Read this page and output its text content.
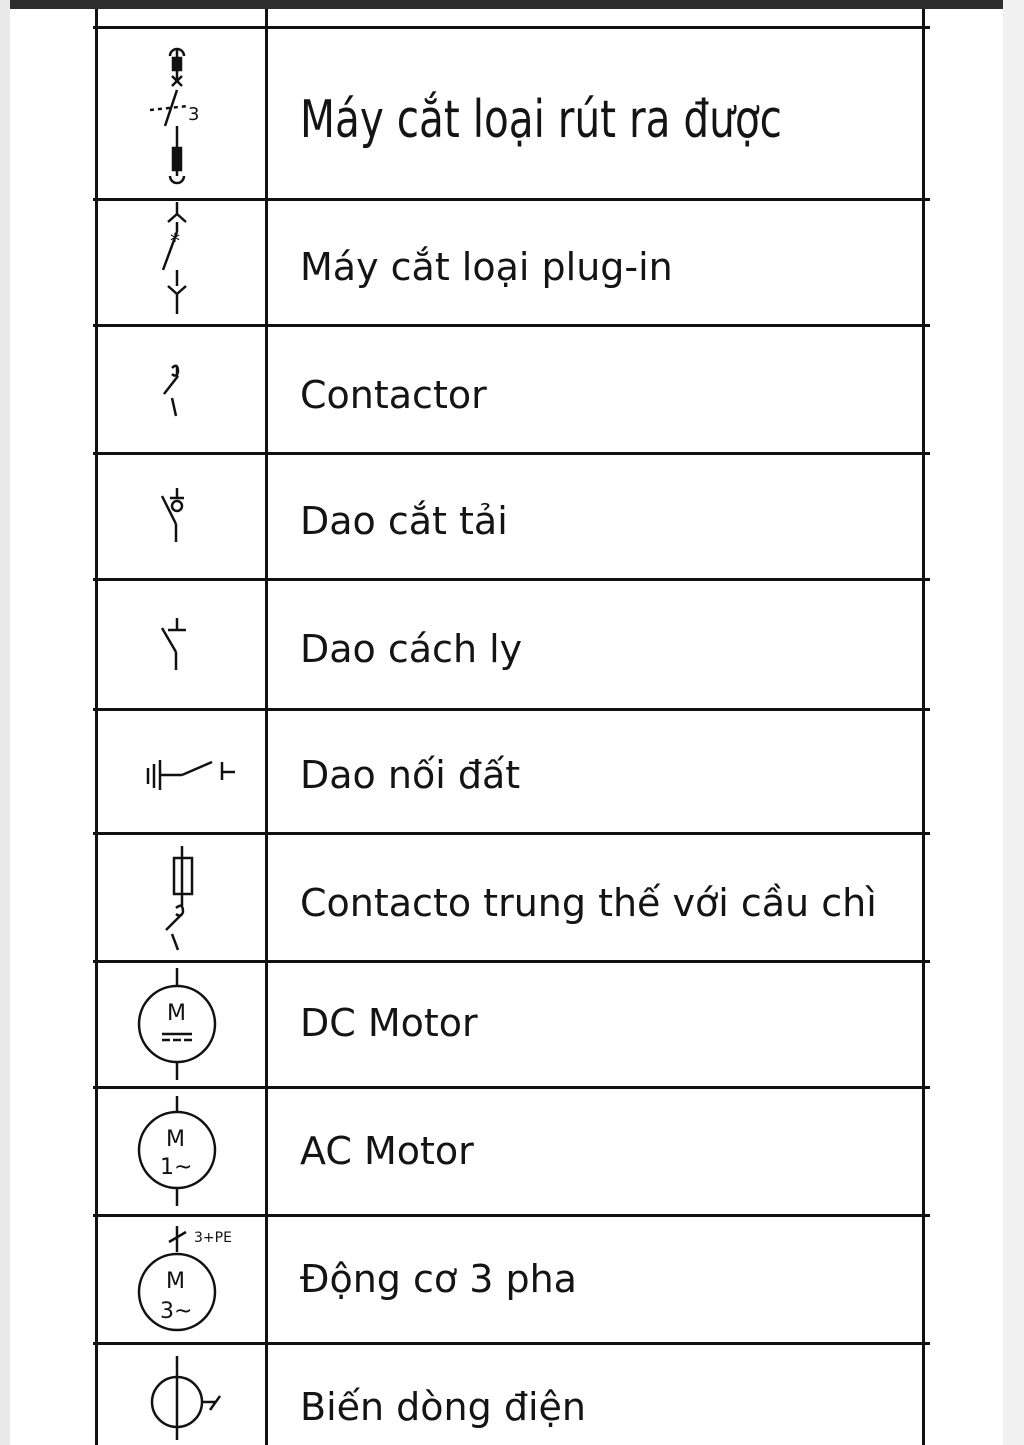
3 Máy cắt loại rút ra được
*
Máy cắt loại plug-in
Contactor
Dao cắt tải
Dao cách ly
Dao nối đất
Contacto trung thế với cầu chì
M	DC Motor
M
1~	AC Motor
3+PE
M
3~
Động cơ 3 pha
Biến dòng điện
